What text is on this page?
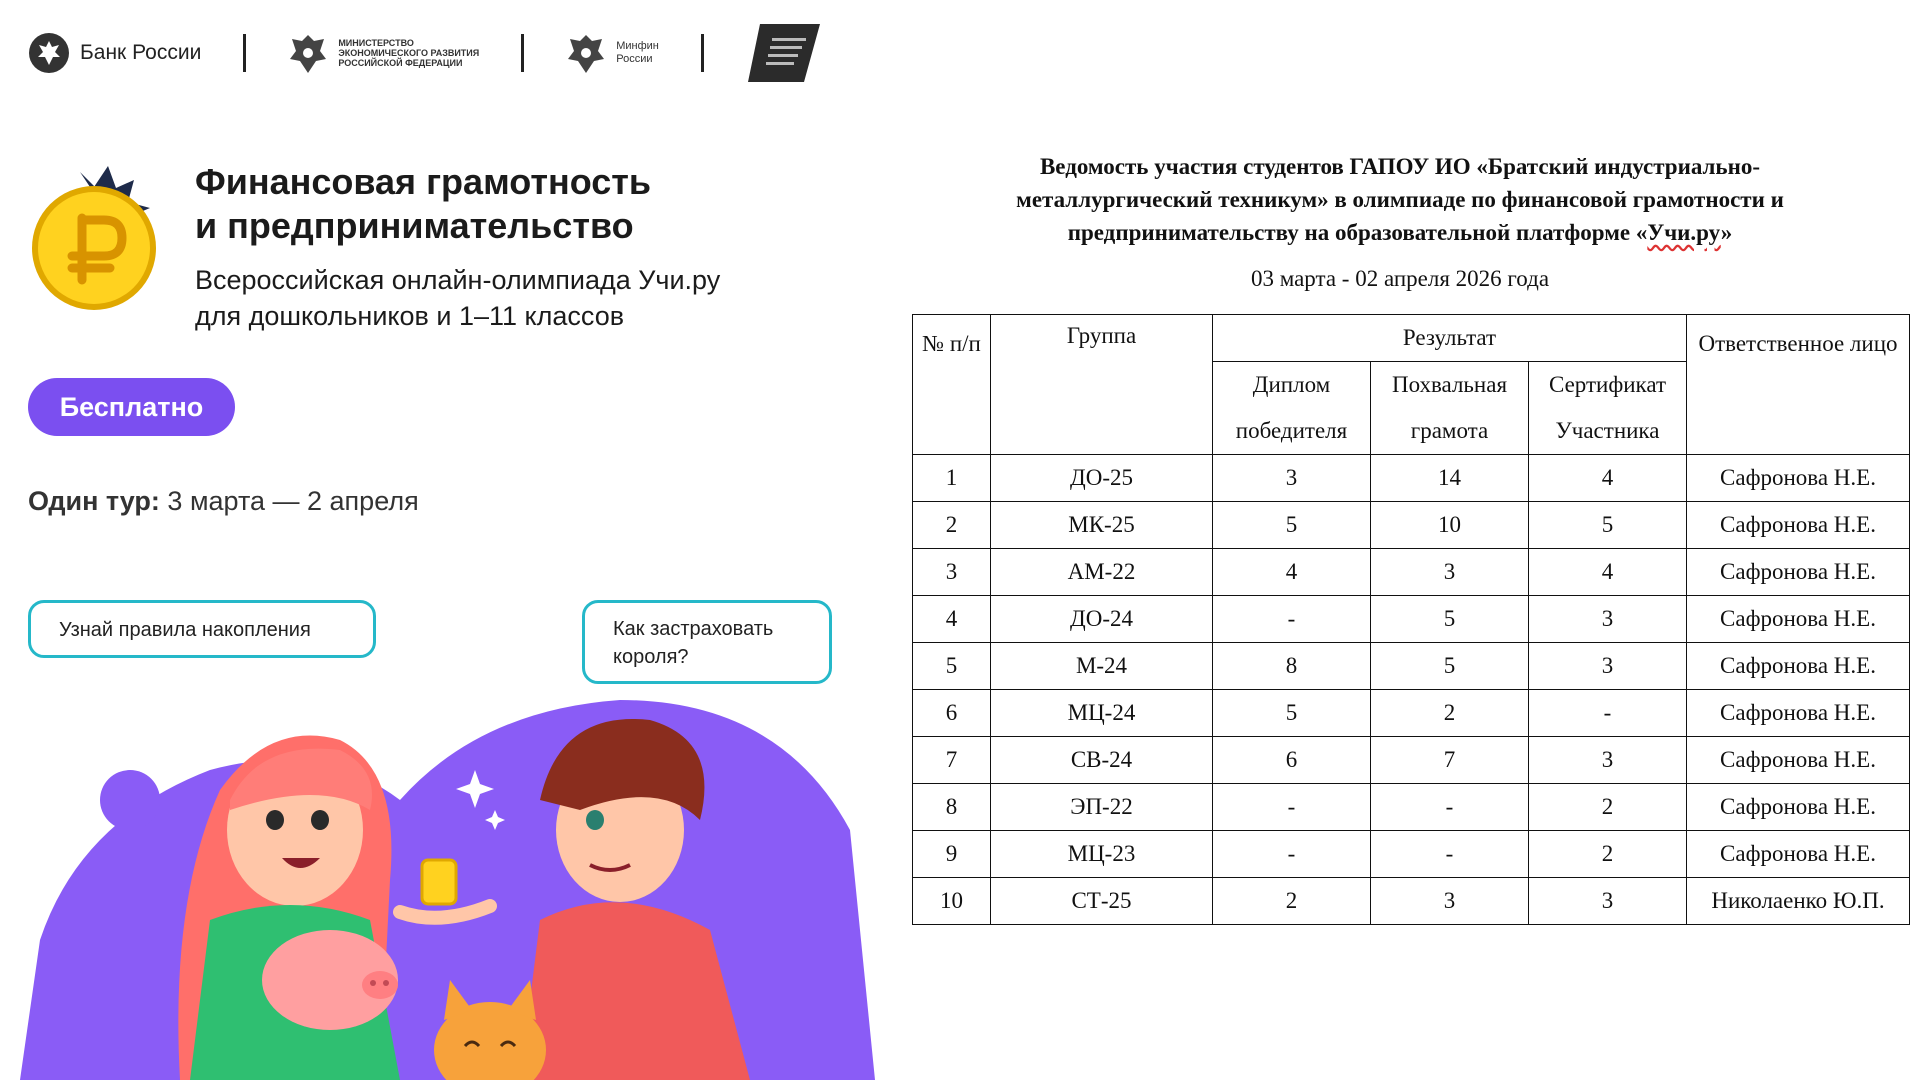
Банк России	МИНИСТЕРСТВО
ЭКОНОМИЧЕСКОГО РАЗВИТИЯ
РОССИЙСКОЙ ФЕДЕРАЦИИ
Минфин
России
Финансовая грамотность
и предпринимательство
Всероссийская онлайн-олимпиада Учи.ру
для дошкольников и 1–11 классов
Бесплатно
Один тур: 3 марта — 2 апреля
Узнай правила накопления	Как застраховать
короля?
Ведомость участия студентов ГАПОУ ИО «Братский индустриально-
металлургический техникум» в олимпиаде по финансовой грамотности и
предпринимательству на образовательной платформе «Учи.ру»
03 марта - 02 апреля 2026 года
№ п/п	Группа	Результат			Ответственное лицо
		Диплом победителя	Похвальная грамота	Сертификат Участника	

1	ДО-25	3	14	4	Сафронова Н.Е.
2	МК-25	5	10	5	Сафронова Н.Е.
3	АМ-22	4	3	4	Сафронова Н.Е.
4	ДО-24	-	5	3	Сафронова Н.Е.
5	М-24	8	5	3	Сафронова Н.Е.
6	МЦ-24	5	2	-	Сафронова Н.Е.
7	СВ-24	6	7	3	Сафронова Н.Е.
8	ЭП-22	-	-	2	Сафронова Н.Е.
9	МЦ-23	-	-	2	Сафронова Н.Е.
10	СТ-25	2	3	3	Николаенко Ю.П.
